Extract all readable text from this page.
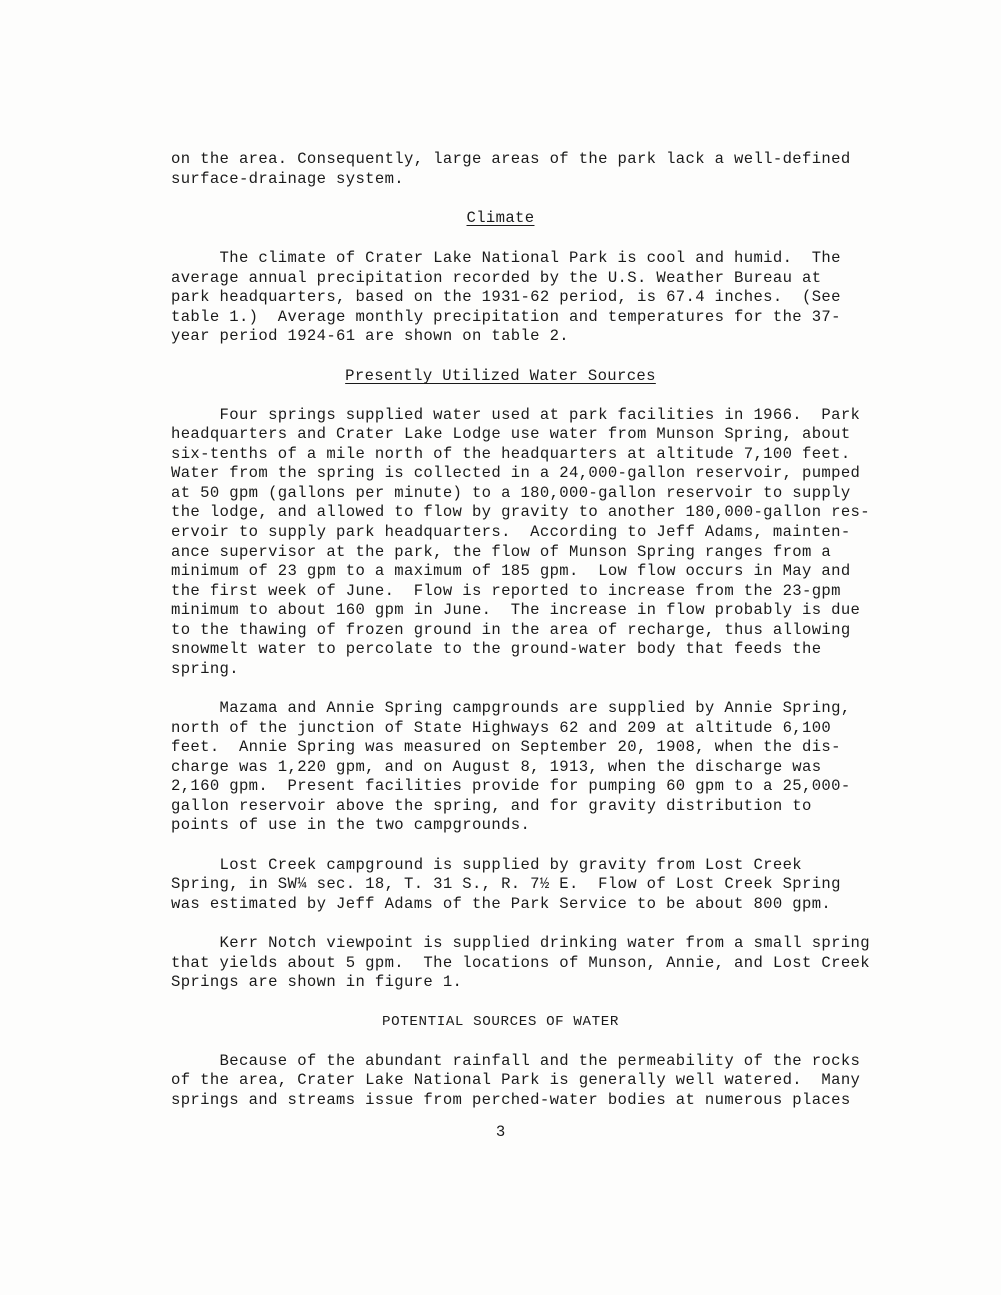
on the area. Consequently, large areas of the park lack a well-defined
surface-drainage system.
Climate
The climate of Crater Lake National Park is cool and humid.  The
average annual precipitation recorded by the U.S. Weather Bureau at
park headquarters, based on the 1931-62 period, is 67.4 inches.  (See
table 1.)  Average monthly precipitation and temperatures for the 37-
year period 1924-61 are shown on table 2.
Presently Utilized Water Sources
Four springs supplied water used at park facilities in 1966.  Park
headquarters and Crater Lake Lodge use water from Munson Spring, about
six-tenths of a mile north of the headquarters at altitude 7,100 feet.
Water from the spring is collected in a 24,000-gallon reservoir, pumped
at 50 gpm (gallons per minute) to a 180,000-gallon reservoir to supply
the lodge, and allowed to flow by gravity to another 180,000-gallon res-
ervoir to supply park headquarters.  According to Jeff Adams, mainten-
ance supervisor at the park, the flow of Munson Spring ranges from a
minimum of 23 gpm to a maximum of 185 gpm.  Low flow occurs in May and
the first week of June.  Flow is reported to increase from the 23-gpm
minimum to about 160 gpm in June.  The increase in flow probably is due
to the thawing of frozen ground in the area of recharge, thus allowing
snowmelt water to percolate to the ground-water body that feeds the
spring.
Mazama and Annie Spring campgrounds are supplied by Annie Spring,
north of the junction of State Highways 62 and 209 at altitude 6,100
feet.  Annie Spring was measured on September 20, 1908, when the dis-
charge was 1,220 gpm, and on August 8, 1913, when the discharge was
2,160 gpm.  Present facilities provide for pumping 60 gpm to a 25,000-
gallon reservoir above the spring, and for gravity distribution to
points of use in the two campgrounds.
Lost Creek campground is supplied by gravity from Lost Creek
Spring, in SW¼ sec. 18, T. 31 S., R. 7½ E.  Flow of Lost Creek Spring
was estimated by Jeff Adams of the Park Service to be about 800 gpm.
Kerr Notch viewpoint is supplied drinking water from a small spring
that yields about 5 gpm.  The locations of Munson, Annie, and Lost Creek
Springs are shown in figure 1.
POTENTIAL SOURCES OF WATER
Because of the abundant rainfall and the permeability of the rocks
of the area, Crater Lake National Park is generally well watered.  Many
springs and streams issue from perched-water bodies at numerous places
3
